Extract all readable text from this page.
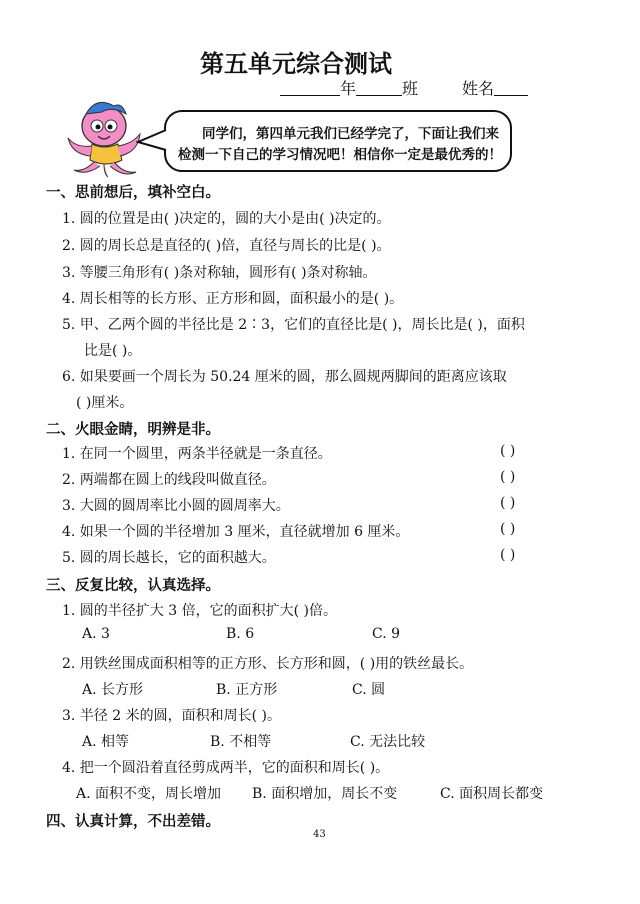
第五单元综合测试
年	班	姓名
同学们，第四单元我们已经学完了，下面让我们来
检测一下自己的学习情况吧！相信你一定是最优秀的！
一、思前想后，填补空白。
1. 圆的位置是由( )决定的，圆的大小是由( )决定的。
2. 圆的周长总是直径的( )倍，直径与周长的比是( )。
3. 等腰三角形有( )条对称轴，圆形有( )条对称轴。
4. 周长相等的长方形、正方形和圆，面积最小的是( )。
5. 甲、乙两个圆的半径比是 2∶3，它们的直径比是( )，周长比是( )，面积
比是( )。
6. 如果要画一个周长为 50.24 厘米的圆，那么圆规两脚间的距离应该取
( )厘米。
二、火眼金睛，明辨是非。
1. 在同一个圆里，两条半径就是一条直径。	( )
2. 两端都在圆上的线段叫做直径。	( )
3. 大圆的圆周率比小圆的圆周率大。	( )
4. 如果一个圆的半径增加 3 厘米，直径就增加 6 厘米。	( )
5. 圆的周长越长，它的面积越大。	( )
三、反复比较，认真选择。
1. 圆的半径扩大 3 倍，它的面积扩大( )倍。
A. 3	B. 6	C. 9
2. 用铁丝围成面积相等的正方形、长方形和圆，( )用的铁丝最长。
A. 长方形	B. 正方形	C. 圆
3. 半径 2 米的圆，面积和周长( )。
A. 相等	B. 不相等	C. 无法比较
4. 把一个圆沿着直径剪成两半，它的面积和周长( )。
A. 面积不变，周长增加 B. 面积增加，周长不变	C. 面积周长都变
四、认真计算，不出差错。
43
